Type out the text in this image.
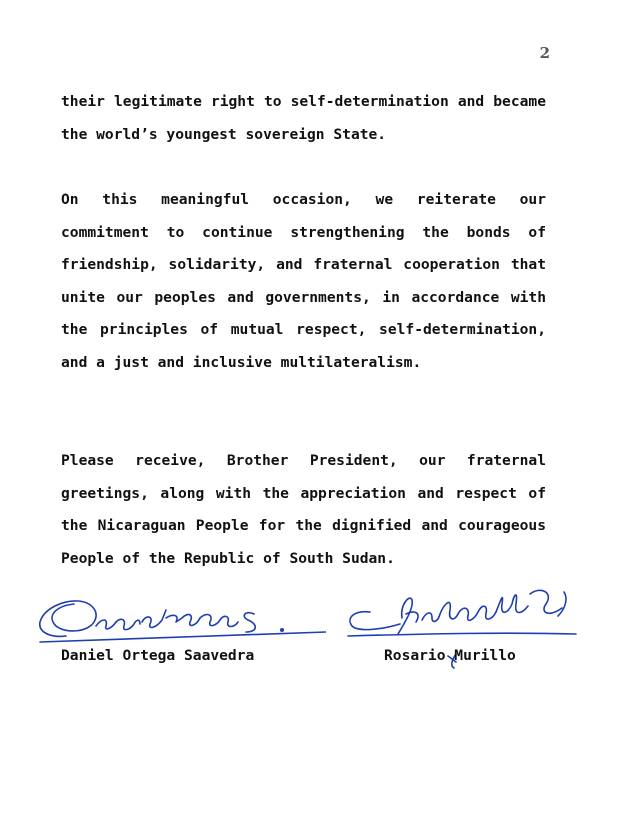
2

their legitimate right to self-determination and became the world’s youngest sovereign State.

On this meaningful occasion, we reiterate our commitment to continue strengthening the bonds of friendship, solidarity, and fraternal cooperation that unite our peoples and governments, in accordance with the principles of mutual respect, self-determination, and a just and inclusive multilateralism.

Please receive, Brother President, our fraternal greetings, along with the appreciation and respect of the Nicaraguan People for the dignified and courageous People of the Republic of South Sudan.

Daniel Ortega Saavedra	Rosario Murillo
